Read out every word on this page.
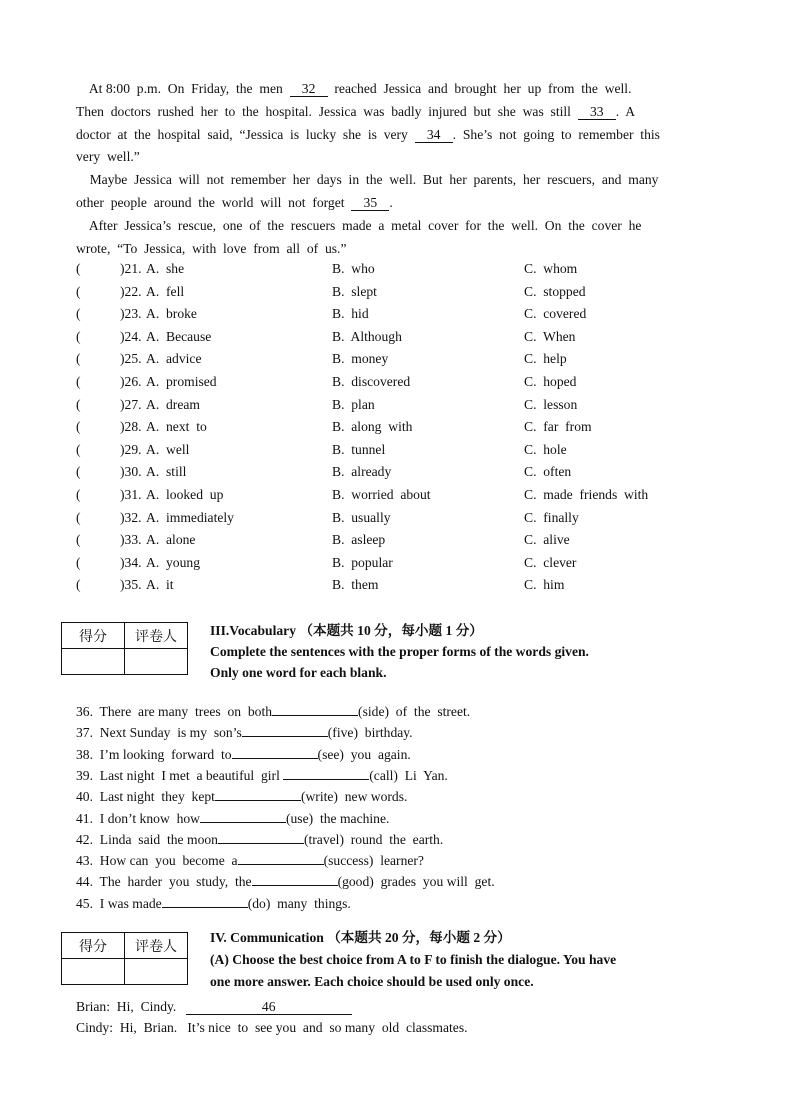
At 8:00  p.m.  On  Friday,  the  men  32  reached  Jessica  and  brought  her  up  from  the  well.
Then  doctors  rushed  her  to  the  hospital.  Jessica  was  badly  injured  but  she  was  still  33 .  A
doctor  at  the  hospital  said,  “Jessica  is  lucky  she  is  very  34 .  She’s  not  going  to  remember  this
very  well.”
Maybe  Jessica  will  not  remember  her  days  in  the  well.  But  her  parents,  her  rescuers,  and  many
other  people  around  the  world  will  not  forget  35 .
After  Jessica’s  rescue,  one  of  the  rescuers  made  a  metal  cover  for  the  well.  On  the  cover  he
wrote,  “To  Jessica,  with  love  from  all  of  us.”
(	)21. A.  she	B.  who	C.  whom
(	)22. A.  fell	B.  slept	C.  stopped
(	)23. A.  broke	B.  hid	C.  covered
(	)24. A.  Because	B.  Although	C.  When
(	)25. A.  advice	B.  money	C.  help
(	)26. A.  promised	B.  discovered	C.  hoped
(	)27. A.  dream	B.  plan	C.  lesson
(	)28. A.  next  to	B.  along  with	C.  far  from
(	)29. A.  well	B.  tunnel	C.  hole
(	)30. A.  still	B.  already	C.  often
(	)31. A.  looked  up	B.  worried  about	C.  made  friends  with
(	)32. A.  immediately	B.  usually	C.  finally
(	)33. A.  alone	B.  asleep	C.  alive
(	)34. A.  young	B.  popular	C.  clever
(	)35. A.  it	B.  them	C.  him
得分	评卷人
	III.Vocabulary （本题共 10 分，每小题 1 分）
Complete the sentences with the proper forms of the words given.
Only one word for each blank.
36.  There  are many  trees  on  both	(side)  of  the  street.
37.  Next Sunday  is my  son’s	(five)  birthday.
38.  I’m looking  forward  to	(see)  you  again.
39.  Last night  I met  a beautiful  girl	(call)  Li  Yan.
40.  Last night  they  kept	(write)  new words.
41.  I don’t know  how	(use)  the machine.
42.  Linda  said  the moon	(travel)  round  the  earth.
43.  How can  you  become  a	(success)  learner?
44.  The  harder  you  study,  the	(good)  grades  you will  get.
45.  I was made	(do)  many  things.
得分	评卷人

IV. Communication （本题共 20 分，每小题 2 分）
(A) Choose the best choice from A to F to finish the dialogue. You have
one more answer. Each choice should be used only once.
Brian:  Hi,  Cindy.	46
Cindy:  Hi,  Brian.   It’s nice  to  see you  and  so many  old  classmates.
